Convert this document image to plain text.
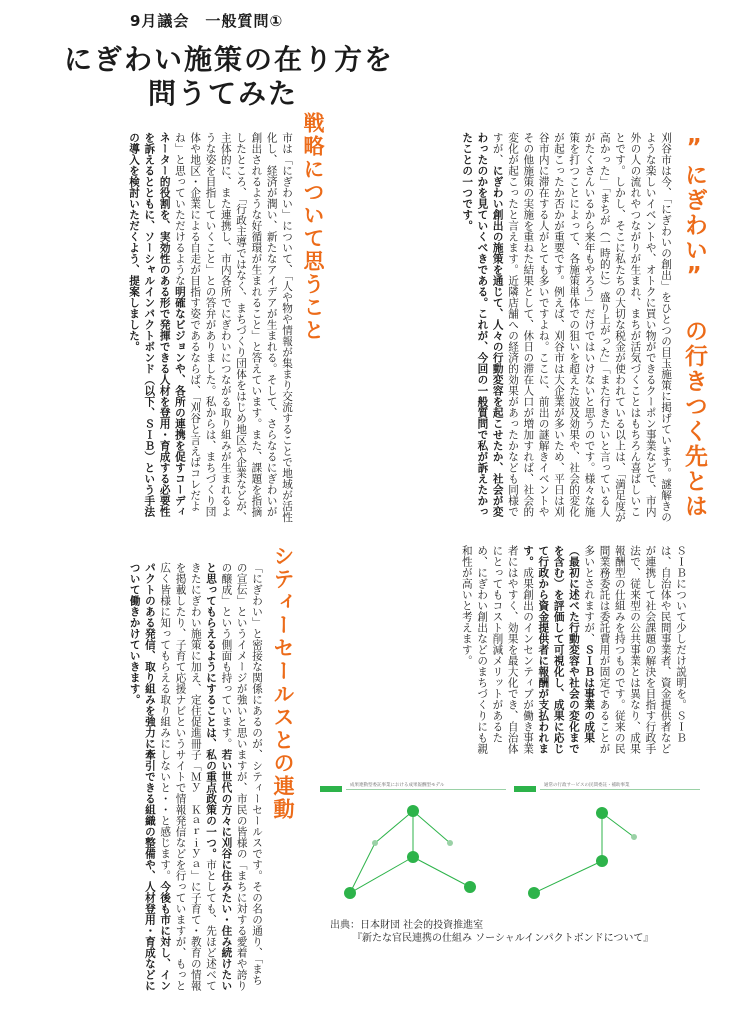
9月議会　一般質問①
にぎわい施策の在り方を
問うてみた
”にぎわい” の行きつく先とは
刈谷市は今、「にぎわいの創出」をひとつの目玉施策に掲げています。謎解きのような楽しいイベントや、オトクに買い物ができるクーポン事業などで、市内外の人の流れやつながりが生まれ、まちが活気づくことはもちろん喜ばしいことです。しかし、そこに私たちの大切な税金が使われている以上は、「満足度が高かった」「まちが（一時的に）盛り上がった」「また行きたいと言っている人がたくさんいるから来年もやろう」だけではいけないと思うのです。様々な施策を打つことによって、各施策単体での狙いを超えた波及効果や、社会的変化が起こったか否かが重要です。例えば、刈谷市は大企業が多いため、平日は刈谷市内に滞在する人がとても多いですよね。ここに、前出の謎解きイベントやその他施策の実施を重ねた結果として、休日の滞在人口が増加すれば、社会的変化が起こったと言えます。近隣店舗への経済的効果があったかなども同様ですが、にぎわい創出の施策を通じて、人々の行動変容を起こせたか、社会が変わったのかを見ていくべきである。これが、今回の一般質問で私が訴えたかったことの一つです。
戦略について思うこと
市は「にぎわい」について、「人や物や情報が集まり交流することで地域が活性化し、経済が潤い、新たなアイデアが生まれる。そして、さらなるにぎわいが創出されるような好循環が生まれること」と答えています。また、課題を指摘したところ、「行政主導ではなく、まちづくり団体をはじめ地区や企業などが、主体的に、また連携し、市内各所でにぎわいにつながる取り組みが生まれるような姿を目指していくこと」との答弁がありました。私からは、まちづくり団体や地区・企業による自走が目指す姿であるならば、「刈谷と言えばコレだよね」と思っていただけるような明確なビジョンや、各所の連携を促すコーディネーター的役割を、実効性のある形で発揮できる人材を登用・育成する必要性を訴えるとともに、ソーシャルインパクトボンド（以下、ＳＩＢ）という手法の導入を検討いただくよう、提案しました。
ＳＩＢについて少しだけ説明を。ＳＩＢは、自治体や民間事業者、資金提供者などが連携して社会課題の解決を目指す行政手法で、従来型の公共事業とは異なり、成果報酬型の仕組みを持つものです。従来の民間業務委託は委託費用が固定であることが多いとされますが、ＳＩＢは事業の成果（最初に述べた行動変容や社会の変化までを含む）を評価して可視化し、成果に応じて行政から資金提供者に報酬が支払われます。成果創出のインセンティブが働き事業者にはやすく、効果を最大化でき、自治体にとってもコスト削減メリットがあるため、にぎわい創出などのまちづくりにも親和性が高いと考えます。
シティーセールスとの連動
「にぎわい」と密接な関係にあるのが、シティーセールスです。その名の通り、「まちの宣伝」というイメージが強いと思いますが、市民の皆様の「まちに対する愛着や誇りの醸成」という側面も持っています。若い世代の方々に刈谷に住みたい・住み続けたいと思ってもらえるようにすることは、私の重点政策の一つ。市としても、先ほど述べてきたにぎわい施策に加え、定住促進冊子「Ｍｙ　Ｋａｒｉｙａ」に子育て・教育の情報を掲載したり、子育て応援ナビというサイトで情報発信などを行っていますが、もっと広く皆様に知ってもらえる取り組みにしないと・・と感じます。今後も市に対し、インパクトのある発信、取り組みを強力に牽引できる組織の整備や、人材登用・育成などについて働きかけていきます。
成果連動型委託事業における成果報酬型モデル	通常の行政サービスの民間委託・補助事業
出典：日本財団 社会的投資推進室
『新たな官民連携の仕組み ソーシャルインパクトボンドについて』
